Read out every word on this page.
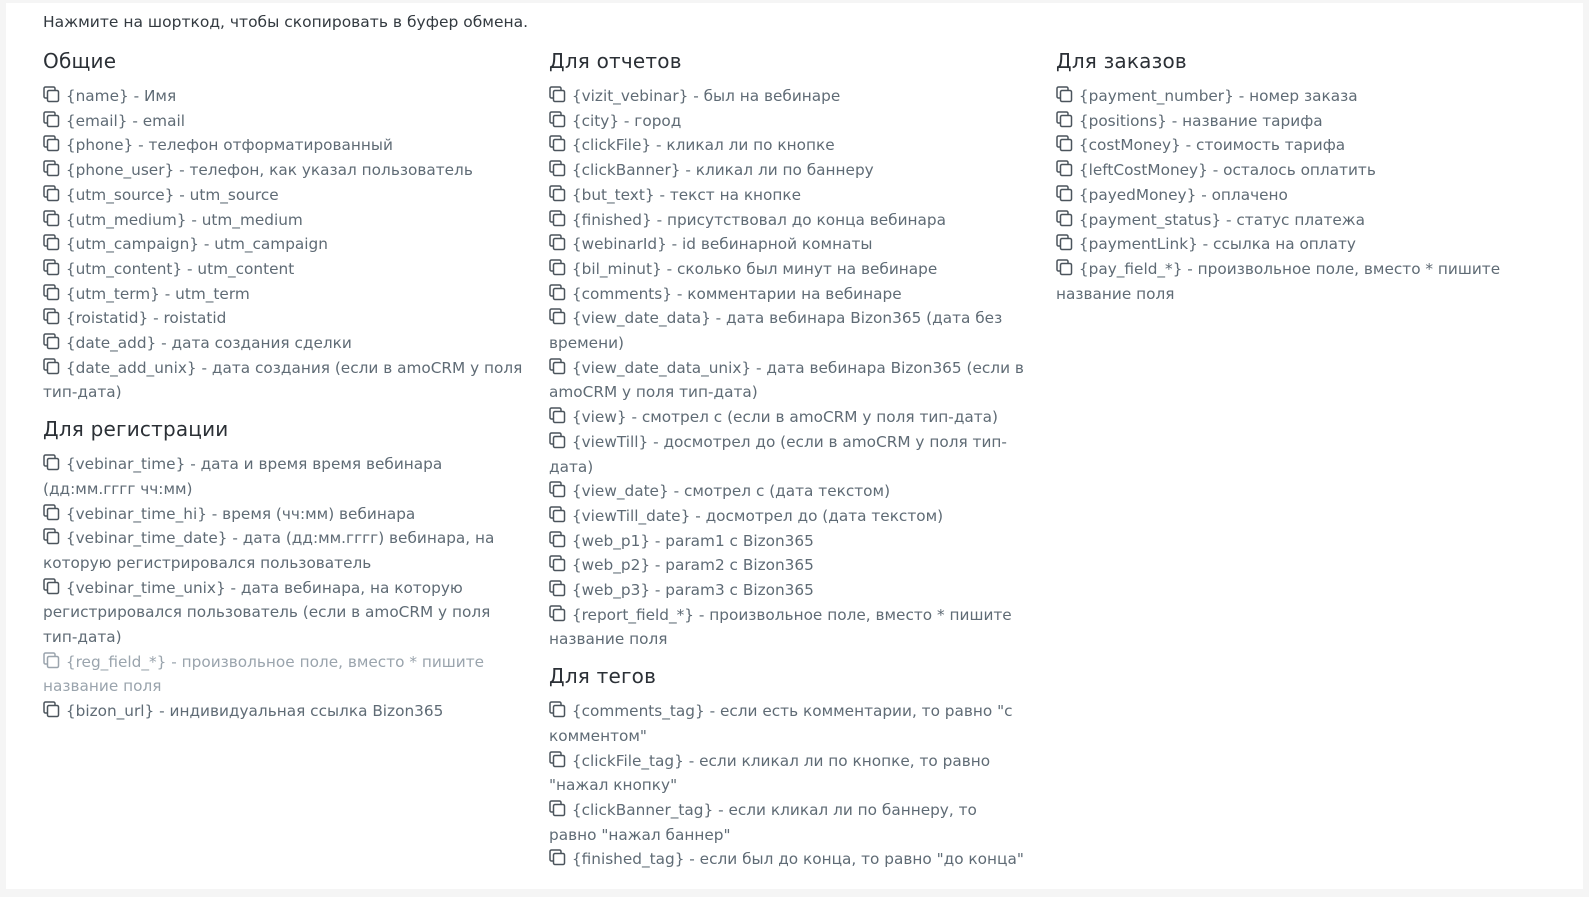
Нажмите на шорткод, чтобы скопировать в буфер обмена.

Общие
{name} - Имя
{email} - email
{phone} - телефон отформатированный
{phone_user} - телефон, как указал пользователь
{utm_source} - utm_source
{utm_medium} - utm_medium
{utm_campaign} - utm_campaign
{utm_content} - utm_content
{utm_term} - utm_term
{roistatid} - roistatid
{date_add} - дата создания сделки
{date_add_unix} - дата создания (если в amoCRM у поля тип-дата)
Для регистрации
{vebinar_time} - дата и время время вебинара (дд:мм.гггг чч:мм)
{vebinar_time_hi} - время (чч:мм) вебинара
{vebinar_time_date} - дата (дд:мм.гггг) вебинара, на которую регистрировался пользователь
{vebinar_time_unix} - дата вебинара, на которую регистрировался пользователь (если в amoCRM у поля тип-дата)
{reg_field_*} - произвольное поле, вместо * пишите название поля
{bizon_url} - индивидуальная ссылка Bizon365
Для отчетов
{vizit_vebinar} - был на вебинаре
{city} - город
{clickFile} - кликал ли по кнопке
{clickBanner} - кликал ли по баннеру
{but_text} - текст на кнопке
{finished} - присутствовал до конца вебинара
{webinarId} - id вебинарной комнаты
{bil_minut} - сколько был минут на вебинаре
{comments} - комментарии на вебинаре
{view_date_data} - дата вебинара Bizon365 (дата без времени)
{view_date_data_unix} - дата вебинара Bizon365 (если в amoCRM у поля тип-дата)
{view} - смотрел с (если в amoCRM у поля тип-дата)
{viewTill} - досмотрел до (если в amoCRM у поля тип-дата)
{view_date} - смотрел с (дата текстом)
{viewTill_date} - досмотрел до (дата текстом)
{web_p1} - param1 с Bizon365
{web_p2} - param2 с Bizon365
{web_p3} - param3 с Bizon365
{report_field_*} - произвольное поле, вместо * пишите название поля
Для тегов
{comments_tag} - если есть комментарии, то равно "с комментом"
{clickFile_tag} - если кликал ли по кнопке, то равно "нажал кнопку"
{clickBanner_tag} - если кликал ли по баннеру, то равно "нажал баннер"
{finished_tag} - если был до конца, то равно "до конца"
Для заказов
{payment_number} - номер заказа
{positions} - название тарифа
{costMoney} - стоимость тарифа
{leftCostMoney} - осталось оплатить
{payedMoney} - оплачено
{payment_status} - статус платежа
{paymentLink} - ссылка на оплату
{pay_field_*} - произвольное поле, вместо * пишите название поля
